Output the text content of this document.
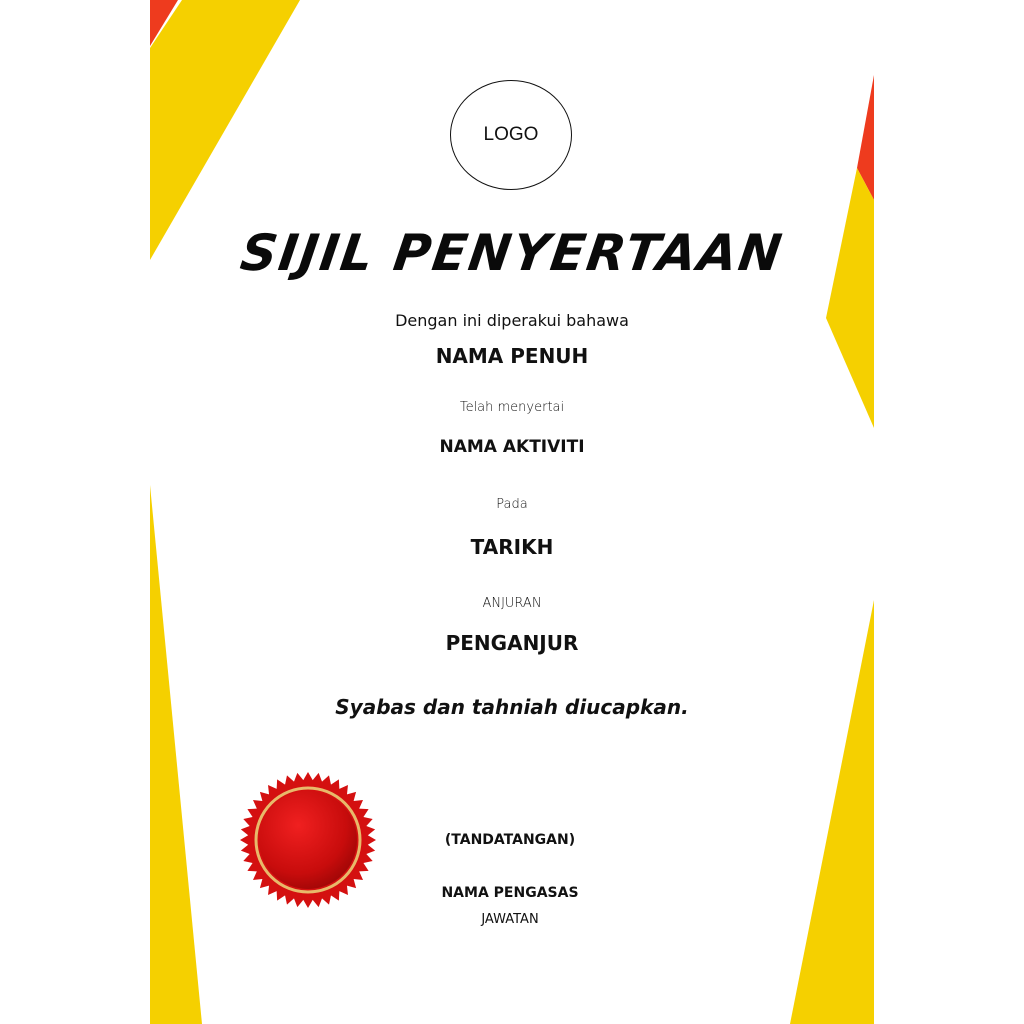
LOGO
SIJIL PENYERTAAN
Dengan ini diperakui bahawa
NAMA PENUH
Telah menyertai
NAMA AKTIVITI
Pada
TARIKH
ANJURAN
PENGANJUR
Syabas dan tahniah diucapkan.
(TANDATANGAN)
NAMA PENGASAS
JAWATAN
